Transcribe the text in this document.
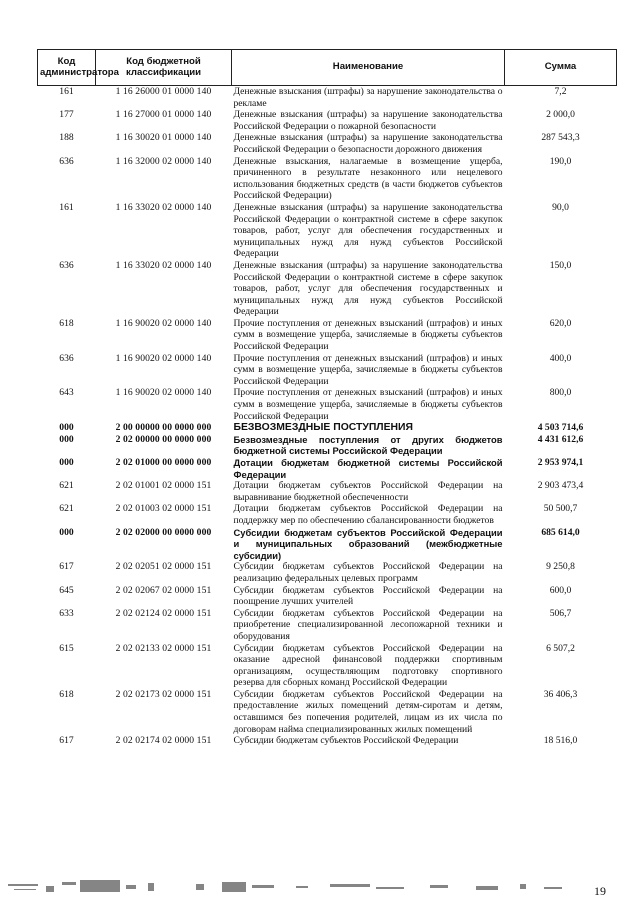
Код администратора	Код бюджетной классификации	Наименование	Сумма
161	1 16 26000 01 0000 140	Денежные взыскания (штрафы) за нарушение законодательства о рекламе	7,2
177	1 16 27000 01 0000 140	Денежные взыскания (штрафы) за нарушение законодательства Российской Федерации о пожарной безопасности	2 000,0
188	1 16 30020 01 0000 140	Денежные взыскания (штрафы) за нарушение законодательства Российской Федерации о безопасности дорожного движения	287 543,3
636	1 16 32000 02 0000 140	Денежные взыскания, налагаемые в возмещение ущерба, причиненного в результате незаконного или нецелевого использования бюджетных средств (в части бюджетов субъектов Российской Федерации)	190,0
161	1 16 33020 02 0000 140	Денежные взыскания (штрафы) за нарушение законодательства Российской Федерации о контрактной системе в сфере закупок товаров, работ, услуг для обеспечения государственных и муниципальных нужд для нужд субъектов Российской Федерации	90,0
636	1 16 33020 02 0000 140	Денежные взыскания (штрафы) за нарушение законодательства Российской Федерации о контрактной системе в сфере закупок товаров, работ, услуг для обеспечения государственных и муниципальных нужд для нужд субъектов Российской Федерации	150,0
618	1 16 90020 02 0000 140	Прочие поступления от денежных взысканий (штрафов) и иных сумм в возмещение ущерба, зачисляемые в бюджеты субъектов Российской Федерации	620,0
636	1 16 90020 02 0000 140	Прочие поступления от денежных взысканий (штрафов) и иных сумм в возмещение ущерба, зачисляемые в бюджеты субъектов Российской Федерации	400,0
643	1 16 90020 02 0000 140	Прочие поступления от денежных взысканий (штрафов) и иных сумм в возмещение ущерба, зачисляемые в бюджеты субъектов Российской Федерации	800,0
000	2 00 00000 00 0000 000	БЕЗВОЗМЕЗДНЫЕ ПОСТУПЛЕНИЯ	4 503 714,6
000	2 02 00000 00 0000 000	Безвозмездные поступления от других бюджетов бюджетной системы Российской Федерации	4 431 612,6
000	2 02 01000 00 0000 000	Дотации бюджетам бюджетной системы Российской Федерации	2 953 974,1
621	2 02 01001 02 0000 151	Дотации бюджетам субъектов Российской Федерации на выравнивание бюджетной обеспеченности	2 903 473,4
621	2 02 01003 02 0000 151	Дотации бюджетам субъектов Российской Федерации на поддержку мер по обеспечению сбалансированности бюджетов	50 500,7
000	2 02 02000 00 0000 000	Субсидии бюджетам субъектов Российской Федерации и муниципальных образований (межбюджетные субсидии)	685 614,0
617	2 02 02051 02 0000 151	Субсидии бюджетам субъектов Российской Федерации на реализацию федеральных целевых программ	9 250,8
645	2 02 02067 02 0000 151	Субсидии бюджетам субъектов Российской Федерации на поощрение лучших учителей	600,0
633	2 02 02124 02 0000 151	Субсидии бюджетам субъектов Российской Федерации на приобретение специализированной лесопожарной техники и оборудования	506,7
615	2 02 02133 02 0000 151	Субсидии бюджетам субъектов Российской Федерации на оказание адресной финансовой поддержки спортивным организациям, осуществляющим подготовку спортивного резерва для сборных команд Российской Федерации	6 507,2
618	2 02 02173 02 0000 151	Субсидии бюджетам субъектов Российской Федерации на предоставление жилых помещений детям-сиротам и детям, оставшимся без попечения родителей, лицам из их числа по договорам найма специализированных жилых помещений	36 406,3
617	2 02 02174 02 0000 151	Субсидии бюджетам субъектов Российской Федерации	18 516,0
19
